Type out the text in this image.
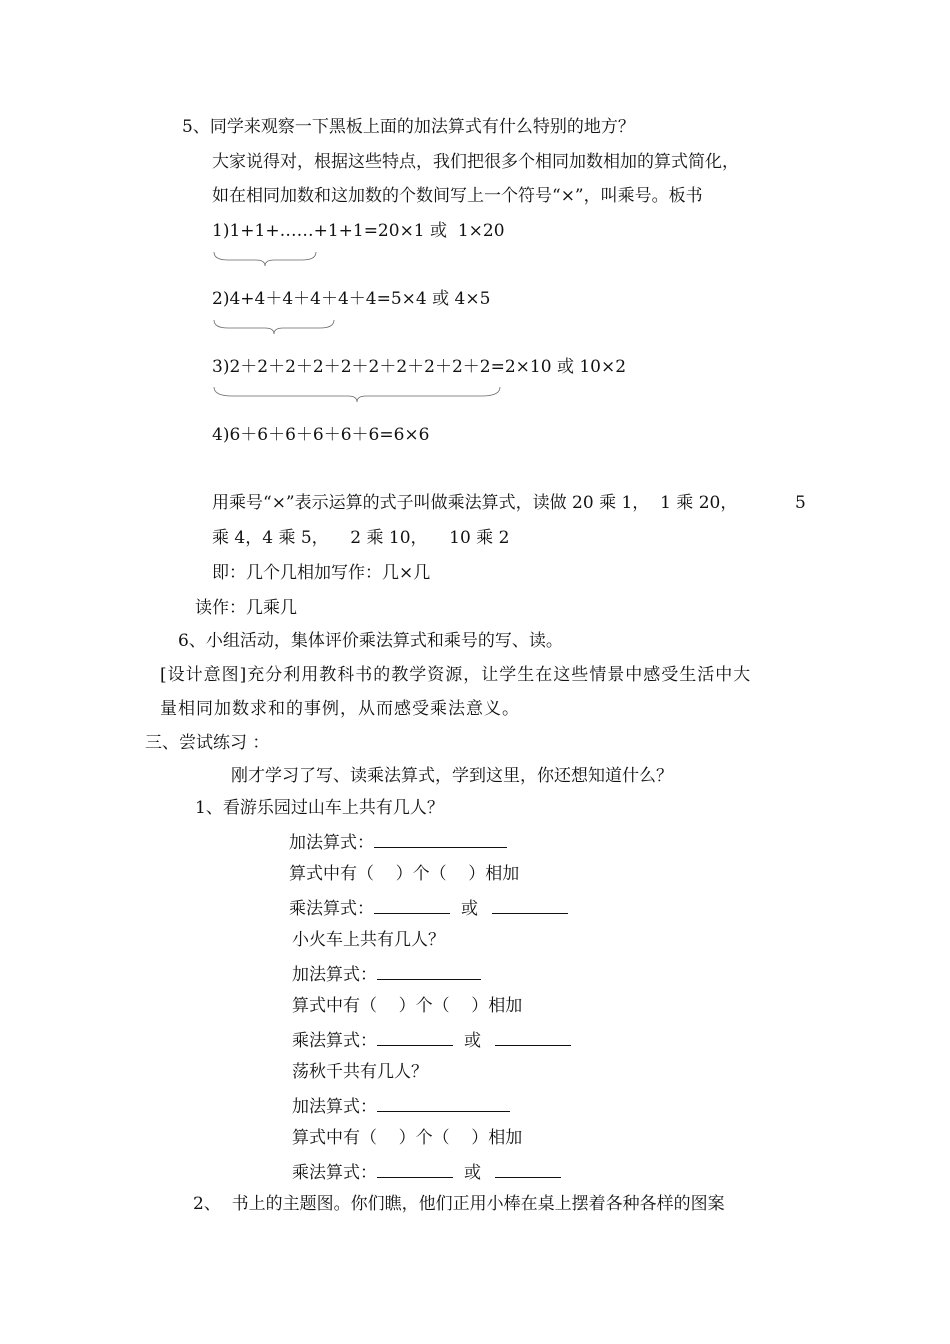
5、同学来观察一下黑板上面的加法算式有什么特别的地方？
大家说得对，根据这些特点，我们把很多个相同加数相加的算式简化，
如在相同加数和这加数的个数间写上一个符号“×”，叫乘号。板书
1)1+1+……+1+1=20×1 或  1×20
2)4+4＋4＋4＋4＋4=5×4 或 4×5
3)2＋2＋2＋2＋2＋2＋2＋2＋2＋2=2×10 或 10×2
4)6＋6＋6＋6＋6＋6=6×6
用乘号“×”表示运算的式子叫做乘法算式，读做 20 乘 1，  1 乘 20，	5
乘 4，4 乘 5，    2 乘 10，    10 乘 2
即：几个几相加写作：几×几
读作：几乘几
6、小组活动，集体评价乘法算式和乘号的写、读。
[设计意图]充分利用教科书的教学资源，让学生在这些情景中感受生活中大
量相同加数求和的事例，从而感受乘法意义。
三、尝试练习 ：
刚才学习了写、读乘法算式，学到这里，你还想知道什么？
1、看游乐园过山车上共有几人？
加法算式：
算式中有（    ）个（    ）相加
乘法算式：	或
小火车上共有几人？
加法算式：
算式中有（    ）个（    ）相加
乘法算式：	或
荡秋千共有几人？
加法算式：
算式中有（    ）个（    ）相加
乘法算式：	或
2、  书上的主题图。你们瞧，他们正用小棒在桌上摆着各种各样的图案
